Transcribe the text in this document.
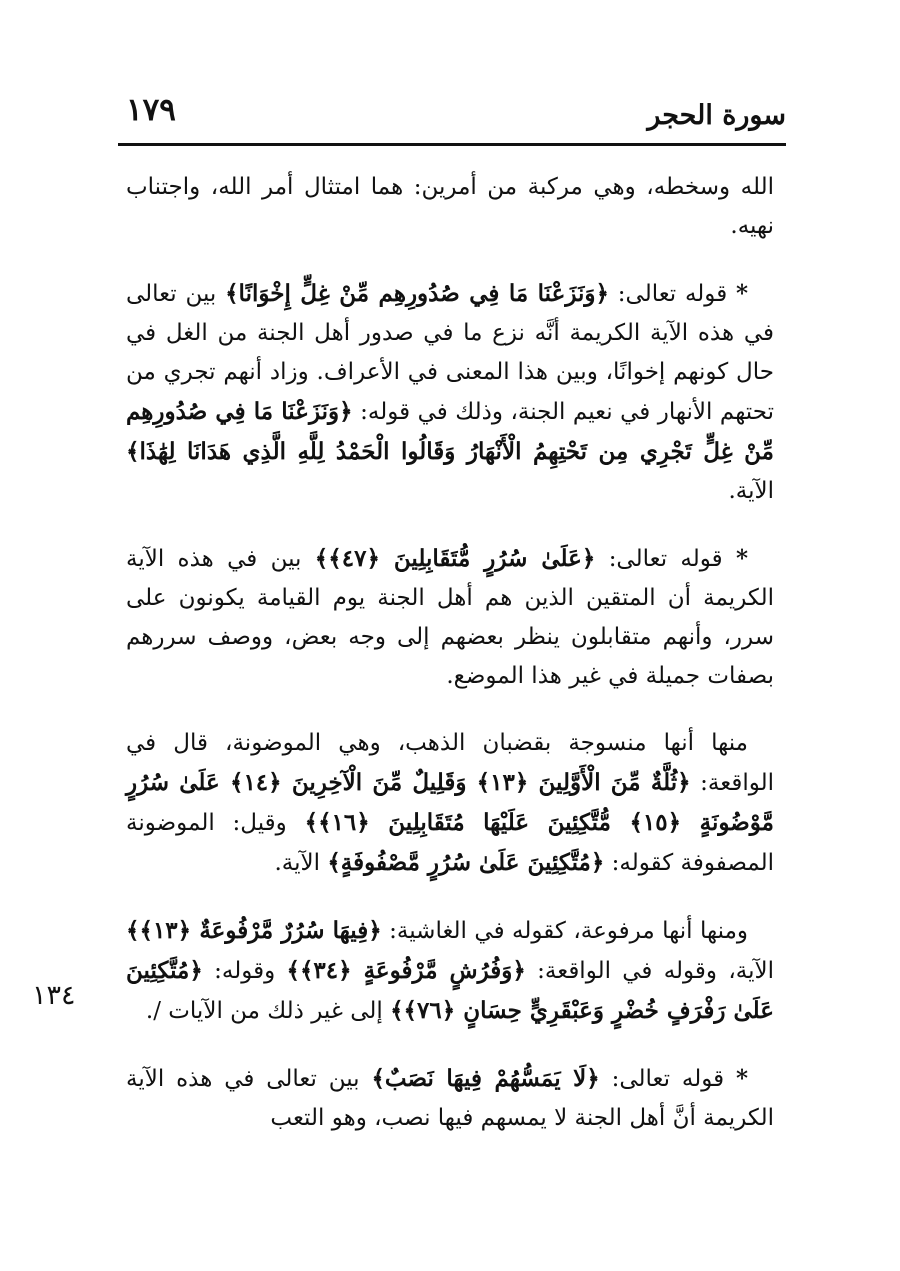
١٧٩	سورة الحجر
١٣٤

الله وسخطه، وهي مركبة من أمرين: هما امتثال أمر الله، واجتناب نهيه.

* قوله تعالى: ﴿وَنَزَعْنَا مَا فِي صُدُورِهِم مِّنْ غِلٍّ إِخْوَانًا﴾ بين تعالى في هذه الآية الكريمة أنَّه نزع ما في صدور أهل الجنة من الغل في حال كونهم إخوانًا، وبين هذا المعنى في الأعراف. وزاد أنهم تجري من تحتهم الأنهار في نعيم الجنة، وذلك في قوله: ﴿وَنَزَعْنَا مَا فِي صُدُورِهِم مِّنْ غِلٍّ تَجْرِي مِن تَحْتِهِمُ الْأَنْهَارُ وَقَالُوا الْحَمْدُ لِلَّهِ الَّذِي هَدَانَا لِهَٰذَا﴾ الآية.

* قوله تعالى: ﴿عَلَىٰ سُرُرٍ مُّتَقَابِلِينَ ﴿٤٧﴾﴾ بين في هذه الآية الكريمة أن المتقين الذين هم أهل الجنة يوم القيامة يكونون على سرر، وأنهم متقابلون ينظر بعضهم إلى وجه بعض، ووصف سررهم بصفات جميلة في غير هذا الموضع.

منها أنها منسوجة بقضبان الذهب، وهي الموضونة، قال في الواقعة: ﴿ثُلَّةٌ مِّنَ الْأَوَّلِينَ ﴿١٣﴾ وَقَلِيلٌ مِّنَ الْآخِرِينَ ﴿١٤﴾ عَلَىٰ سُرُرٍ مَّوْضُونَةٍ ﴿١٥﴾ مُّتَّكِئِينَ عَلَيْهَا مُتَقَابِلِينَ ﴿١٦﴾﴾ وقيل: الموضونة المصفوفة كقوله: ﴿مُتَّكِئِينَ عَلَىٰ سُرُرٍ مَّصْفُوفَةٍ﴾ الآية.

ومنها أنها مرفوعة، كقوله في الغاشية: ﴿فِيهَا سُرُرٌ مَّرْفُوعَةٌ ﴿١٣﴾﴾ الآية، وقوله في الواقعة: ﴿وَفُرُشٍ مَّرْفُوعَةٍ ﴿٣٤﴾﴾ وقوله: ﴿مُتَّكِئِينَ عَلَىٰ رَفْرَفٍ خُضْرٍ وَعَبْقَرِيٍّ حِسَانٍ ﴿٧٦﴾﴾ إلى غير ذلك من الآيات /.

* قوله تعالى: ﴿لَا يَمَسُّهُمْ فِيهَا نَصَبٌ﴾ بين تعالى في هذه الآية الكريمة أنَّ أهل الجنة لا يمسهم فيها نصب، وهو التعب
